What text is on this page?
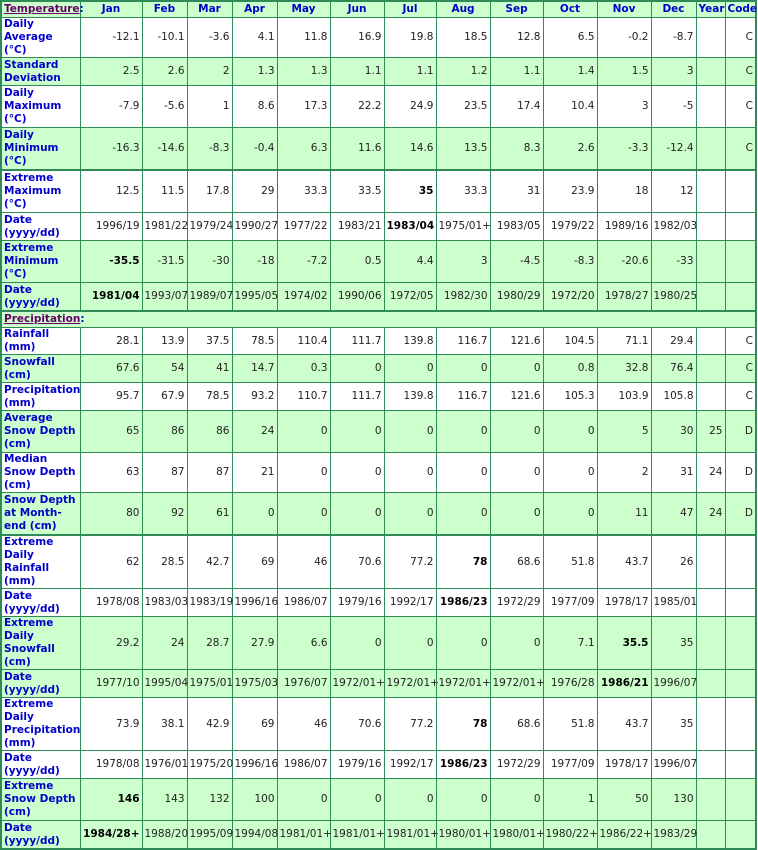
Temperature:	Jan	Feb	Mar	Apr	May	Jun	Jul	Aug	Sep	Oct	Nov	Dec	Year	Code
Daily Average (°C)	-12.1	-10.1	-3.6	4.1	11.8	16.9	19.8	18.5	12.8	6.5	-0.2	-8.7		C
Standard Deviation	2.5	2.6	2	1.3	1.3	1.1	1.1	1.2	1.1	1.4	1.5	3		C
Daily Maximum (°C)	-7.9	-5.6	1	8.6	17.3	22.2	24.9	23.5	17.4	10.4	3	-5		C
Daily Minimum (°C)	-16.3	-14.6	-8.3	-0.4	6.3	11.6	14.6	13.5	8.3	2.6	-3.3	-12.4		C
Extreme Maximum (°C)	12.5	11.5	17.8	29	33.3	33.5	35	33.3	31	23.9	18	12		
Date (yyyy/dd)	1996/19	1981/22	1979/24	1990/27	1977/22	1983/21	1983/04	1975/01+	1983/05	1979/22	1989/16	1982/03		
Extreme Minimum (°C)	-35.5	-31.5	-30	-18	-7.2	0.5	4.4	3	-4.5	-8.3	-20.6	-33		
Date (yyyy/dd)	1981/04	1993/07	1989/07	1995/05	1974/02	1990/06	1972/05	1982/30	1980/29	1972/20	1978/27	1980/25		
Precipitation:														
Rainfall (mm)	28.1	13.9	37.5	78.5	110.4	111.7	139.8	116.7	121.6	104.5	71.1	29.4		C
Snowfall (cm)	67.6	54	41	14.7	0.3	0	0	0	0	0.8	32.8	76.4		C
Precipitation (mm)	95.7	67.9	78.5	93.2	110.7	111.7	139.8	116.7	121.6	105.3	103.9	105.8		C
Average Snow Depth (cm)	65	86	86	24	0	0	0	0	0	0	5	30	25	D
Median Snow Depth (cm)	63	87	87	21	0	0	0	0	0	0	2	31	24	D
Snow Depth at Month-end (cm)	80	92	61	0	0	0	0	0	0	0	11	47	24	D
Extreme Daily Rainfall (mm)	62	28.5	42.7	69	46	70.6	77.2	78	68.6	51.8	43.7	26		
Date (yyyy/dd)	1978/08	1983/03	1983/19	1996/16	1986/07	1979/16	1992/17	1986/23	1972/29	1977/09	1978/17	1985/01		
Extreme Daily Snowfall (cm)	29.2	24	28.7	27.9	6.6	0	0	0	0	7.1	35.5	35		
Date (yyyy/dd)	1977/10	1995/04	1975/01	1975/03	1976/07	1972/01+	1972/01+	1972/01+	1972/01+	1976/28	1986/21	1996/07		
Extreme Daily Precipitation (mm)	73.9	38.1	42.9	69	46	70.6	77.2	78	68.6	51.8	43.7	35		
Date (yyyy/dd)	1978/08	1976/01	1975/20	1996/16	1986/07	1979/16	1992/17	1986/23	1972/29	1977/09	1978/17	1996/07		
Extreme Snow Depth (cm)	146	143	132	100	0	0	0	0	0	1	50	130		
Date (yyyy/dd)	1984/28+	1988/20	1995/09	1994/08	1981/01+	1981/01+	1981/01+	1980/01+	1980/01+	1980/22+	1986/22+	1983/29		
